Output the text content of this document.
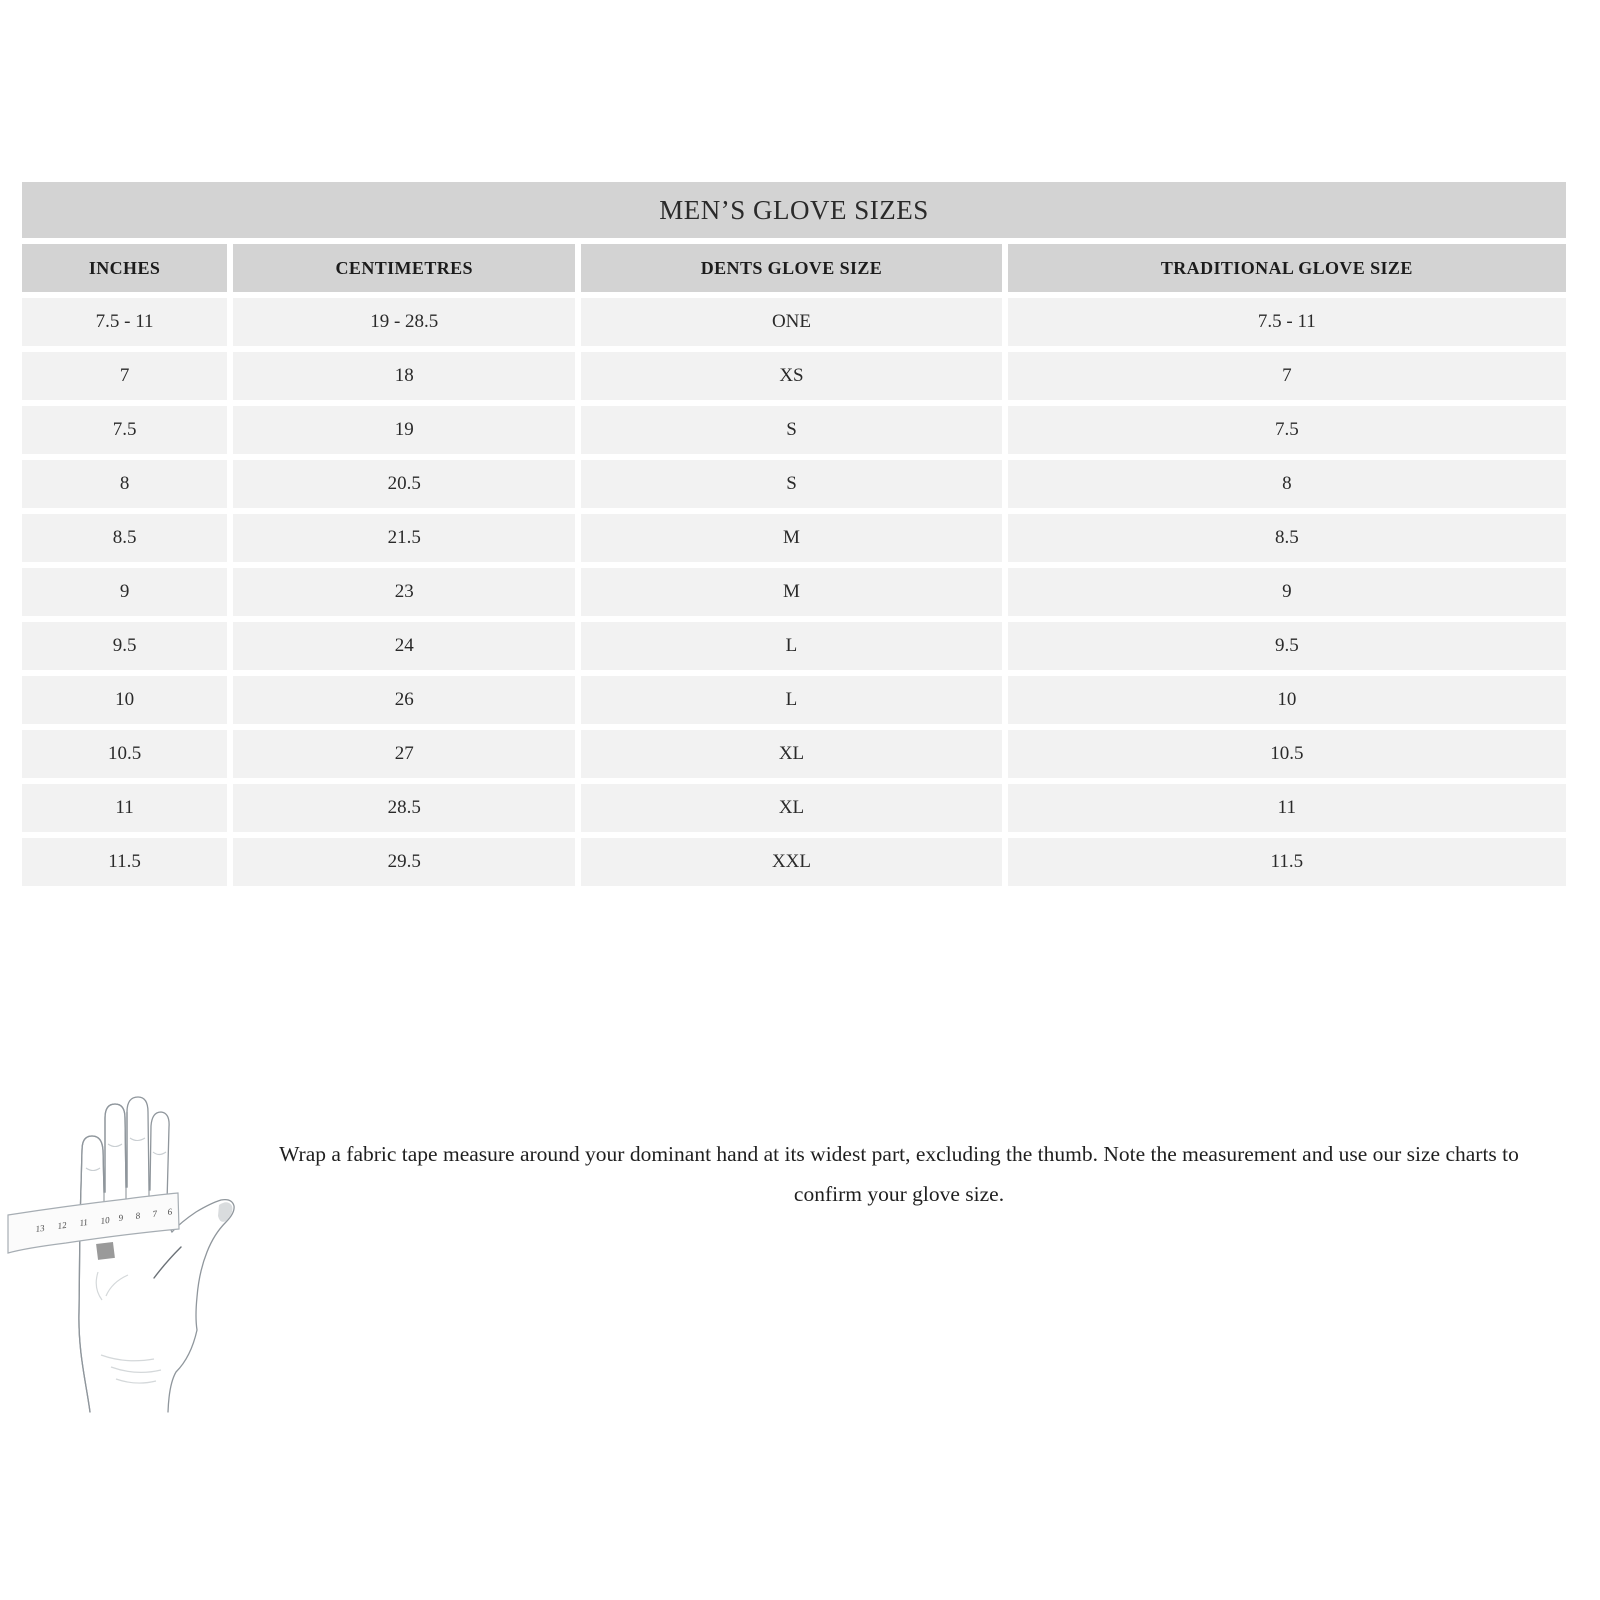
MEN’S GLOVE SIZES
INCHES	CENTIMETRES	DENTS GLOVE SIZE	TRADITIONAL GLOVE SIZE
7.5 - 11	19 - 28.5	ONE	7.5 - 11
7	18	XS	7
7.5	19	S	7.5
8	20.5	S	8
8.5	21.5	M	8.5
9	23	M	9
9.5	24	L	9.5
10	26	L	10
10.5	27	XL	10.5
11	28.5	XL	11
11.5	29.5	XXL	11.5
13 12 11 10 9 8 7 6
Wrap a fabric tape measure around your dominant hand at its widest part, excluding the thumb. Note the measurement and use our size charts to confirm your glove size.
